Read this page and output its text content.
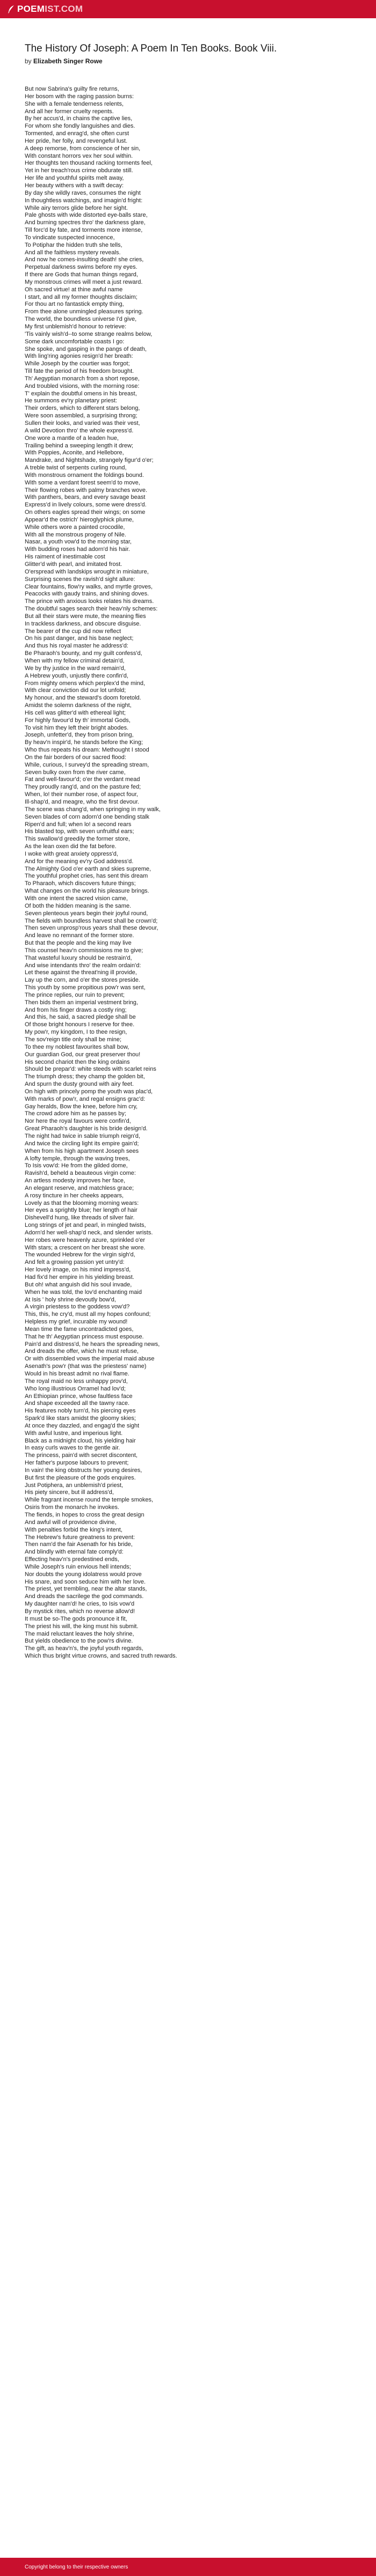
POEM IST.COM
The History Of Joseph: A Poem In Ten Books. Book Viii.
by Elizabeth Singer Rowe
But now Sabrina's guilty fire returns,
Her bosom with the raging passion burns:
She with a female tenderness relents,
And all her former cruelty repents.
By her accus'd, in chains the captive lies,
For whom she fondly languishes and dies.
Tormented, and enrag'd, she often curst
Her pride, her folly, and revengeful lust.
A deep remorse, from conscience of her sin,
With constant horrors vex her soul within.
Her thoughts ten thousand racking torments feel,
Yet in her treach'rous crime obdurate still.
Her life and youthful spirits melt away,
Her beauty withers with a swift decay:
By day she wildly raves, consumes the night
In thoughtless watchings, and imagin'd fright:
While airy terrors glide before her sight.
Pale ghosts with wide distorted eye-balls stare,
And burning spectres thro' the darkness glare,
Till forc'd by fate, and torments more intense,
To vindicate suspected innocence,
To Potiphar the hidden truth she tells,
And all the faithless mystery reveals.
And now he comes-insulting death! she cries,
Perpetual darkness swims before my eyes.
If there are Gods that human things regard,
My monstrous crimes will meet a just reward.
Oh sacred virtue! at thine awful name
I start, and all my former thoughts disclaim;
For thou art no fantastick empty thing,
From thee alone unmingled pleasures spring.
The world, the boundless universe I'd give,
My first unblemish'd honour to retrieve:
'Tis vainly wish'd--to some strange realms below,
Some dark uncomfortable coasts I go:
She spoke, and gasping in the pangs of death,
With ling'ring agonies resign'd her breath:
While Joseph by the courtier was forgot;
Till fate the period of his freedom brought.
Th' Aegyptian monarch from a short repose,
And troubled visions, with the morning rose:
T' explain the doubtful omens in his breast,
He summons ev'ry planetary priest:
Their orders, which to different stars belong,
Were soon assembled, a surprising throng;
Sullen their looks, and varied was their vest,
A wild Devotion thro' the whole express'd.
One wore a mantle of a leaden hue,
Trailing behind a sweeping length it drew;
With Poppies, Aconite, and Hellebore,
Mandrake, and Nightshade, strangely figur'd o'er;
A treble twist of serpents curling round,
With monstrous ornament the foldings bound.
With some a verdant forest seem'd to move,
Their flowing robes with palmy branches wove.
With panthers, bears, and every savage beast
Express'd in lively colours, some were dress'd.
On others eagles spread their wings; on some
Appear'd the ostrich' hieroglyphick plume,
While others wore a painted crocodile,
With all the monstrous progeny of Nile.
Nasar, a youth vow'd to the morning star,
With budding roses had adorn'd his hair.
His raiment of inestimable cost
Glitter'd with pearl, and imitated frost.
O'erspread with landskips wrought in miniature,
Surprising scenes the ravish'd sight allure:
Clear fountains, flow'ry walks, and myrtle groves,
Peacocks with gaudy trains, and shining doves.
The prince with anxious looks relates his dreams.
The doubtful sages search their heav'nly schemes:
But all their stars were mute, the meaning flies
In trackless darkness, and obscure disguise.
The bearer of the cup did now reflect
On his past danger, and his base neglect;
And thus his royal master he address'd:
Be Pharaoh's bounty, and my guilt confess'd,
When with my fellow criminal detain'd,
We by thy justice in the ward remain'd,
A Hebrew youth, unjustly there confin'd,
From mighty omens which perplex'd the mind,
With clear conviction did our lot unfold;
My honour, and the steward's doom foretold.
Amidst the solemn darkness of the night,
His cell was glitter'd with ethereal light;
For highly favour'd by th' immortal Gods,
To visit him they left their bright abodes.
Joseph, unfetter'd, they from prison bring,
By heav'n inspir'd, he stands before the King;
Who thus repeats his dream: Methought I stood
On the fair borders of our sacred flood:
While, curious, I survey'd the spreading stream,
Seven bulky oxen from the river came,
Fat and well-favour'd; o'er the verdant mead
They proudly rang'd, and on the pasture fed;
When, lo! their number rose, of aspect four,
Ill-shap'd, and meagre, who the first devour.
The scene was chang'd, when springing in my walk,
Seven blades of corn adorn'd one bending stalk
Ripen'd and full; when lo! a second rears
His blasted top, with seven unfruitful ears;
This swallow'd greedily the former store,
As the lean oxen did the fat before.
I woke with great anxiety oppress'd,
And for the meaning ev'ry God address'd.
The Almighty God o'er earth and skies supreme,
The youthful prophet cries, has sent this dream
To Pharaoh, which discovers future things;
What changes on the world his pleasure brings.
With one intent the sacred vision came,
Of both the hidden meaning is the same.
Seven plenteous years begin their joyful round,
The fields with boundless harvest shall be crown'd;
Then seven unprosp'rous years shall these devour,
And leave no remnant of the former store.
But that the people and the king may live
This counsel heav'n commissions me to give;
That wasteful luxury should be restrain'd,
And wise intendants thro' the realm ordain'd:
Let these against the threat'ning ill provide,
Lay up the corn, and o'er the stores preside.
This youth by some propitious pow'r was sent,
The prince replies, our ruin to prevent;
Then bids them an imperial vestment bring,
And from his finger draws a costly ring;
And this, he said, a sacred pledge shall be
Of those bright honours I reserve for thee.
My pow'r, my kingdom, I to thee resign,
The sov'reign title only shall be mine;
To thee my noblest favourites shall bow,
Our guardian God, our great preserver thou!
His second chariot then the king ordains
Should be prepar'd: white steeds with scarlet reins
The triumph dress; they champ the golden bit,
And spurn the dusty ground with airy feet.
On high with princely pomp the youth was plac'd,
With marks of pow'r, and regal ensigns grac'd:
Gay heralds, Bow the knee, before him cry,
The crowd adore him as he passes by;
Nor here the royal favours were confin'd,
Great Pharaoh's daughter is his bride design'd.
The night had twice in sable triumph reign'd,
And twice the circling light its empire gain'd;
When from his high apartment Joseph sees
A lofty temple, through the waving trees,
To Isis vow'd: He from the gilded dome,
Ravish'd, beheld a beauteous virgin come:
An artless modesty improves her face,
An elegant reserve, and matchless grace;
A rosy tincture in her cheeks appears,
Lovely as that the blooming morning wears:
Her eyes a sprightly blue; her length of hair
Dishevell'd hung, like threads of silver fair.
Long strings of jet and pearl, in mingled twists,
Adorn'd her well-shap'd neck, and slender wrists.
Her robes were heavenly azure, sprinkled o'er
With stars; a crescent on her breast she wore.
The wounded Hebrew for the virgin sigh'd,
And felt a growing passion yet untry'd:
Her lovely image, on his mind impress'd,
Had fix'd her empire in his yielding breast.
But oh! what anguish did his soul invade,
When he was told, the lov'd enchanting maid
At Isis ' holy shrine devoutly bow'd,
A virgin priestess to the goddess vow'd?
This, this, he cry'd, must all my hopes confound;
Helpless my grief, incurable my wound!
Mean time the fame uncontradicted goes,
That he th' Aegyptian princess must espouse.
Pain'd and distress'd, he hears the spreading news,
And dreads the offer, which he must refuse,
Or with dissembled vows the imperial maid abuse
Asenath's pow'r (that was the priestess' name)
Would in his breast admit no rival flame.
The royal maid no less unhappy prov'd,
Who long illustrious Orramel had lov'd;
An Ethiopian prince, whose faultless face
And shape exceeded all the tawny race.
His features nobly turn'd, his piercing eyes
Spark'd like stars amidst the gloomy skies;
At once they dazzled, and engag'd the sight
With awful lustre, and imperious light.
Black as a midnight cloud, his yielding hair
In easy curls waves to the gentle air.
The princess, pain'd with secret discontent,
Her father's purpose labours to prevent;
In vain! the king obstructs her young desires,
But first the pleasure of the gods enquires.
Just Potiphera, an unblemish'd priest,
His piety sincere, but ill address'd,
While fragrant incense round the temple smokes,
Osiris from the monarch he invokes.
The fiends, in hopes to cross the great design
And awful will of providence divine,
With penalties forbid the king's intent,
The Hebrew's future greatness to prevent:
Then nam'd the fair Asenath for his bride,
And blindly with eternal fate comply'd:
Effecting heav'n's predestined ends,
While Joseph's ruin envious hell intends;
Nor doubts the young idolatress would prove
His snare, and soon seduce him with her love.
The priest, yet trembling, near the altar stands,
And dreads the sacrilege the god commands.
My daughter nam'd! he cries, to Isis vow'd
By mystick rites, which no reverse allow'd!
It must be so-The gods pronounce it fit,
The priest his will, the king must his submit.
The maid reluctant leaves the holy shrine,
But yields obedience to the pow'rs divine.
The gift, as heav'n's, the joyful youth regards,
Which thus bright virtue crowns, and sacred truth rewards.
Copyright belong to their respective owners
